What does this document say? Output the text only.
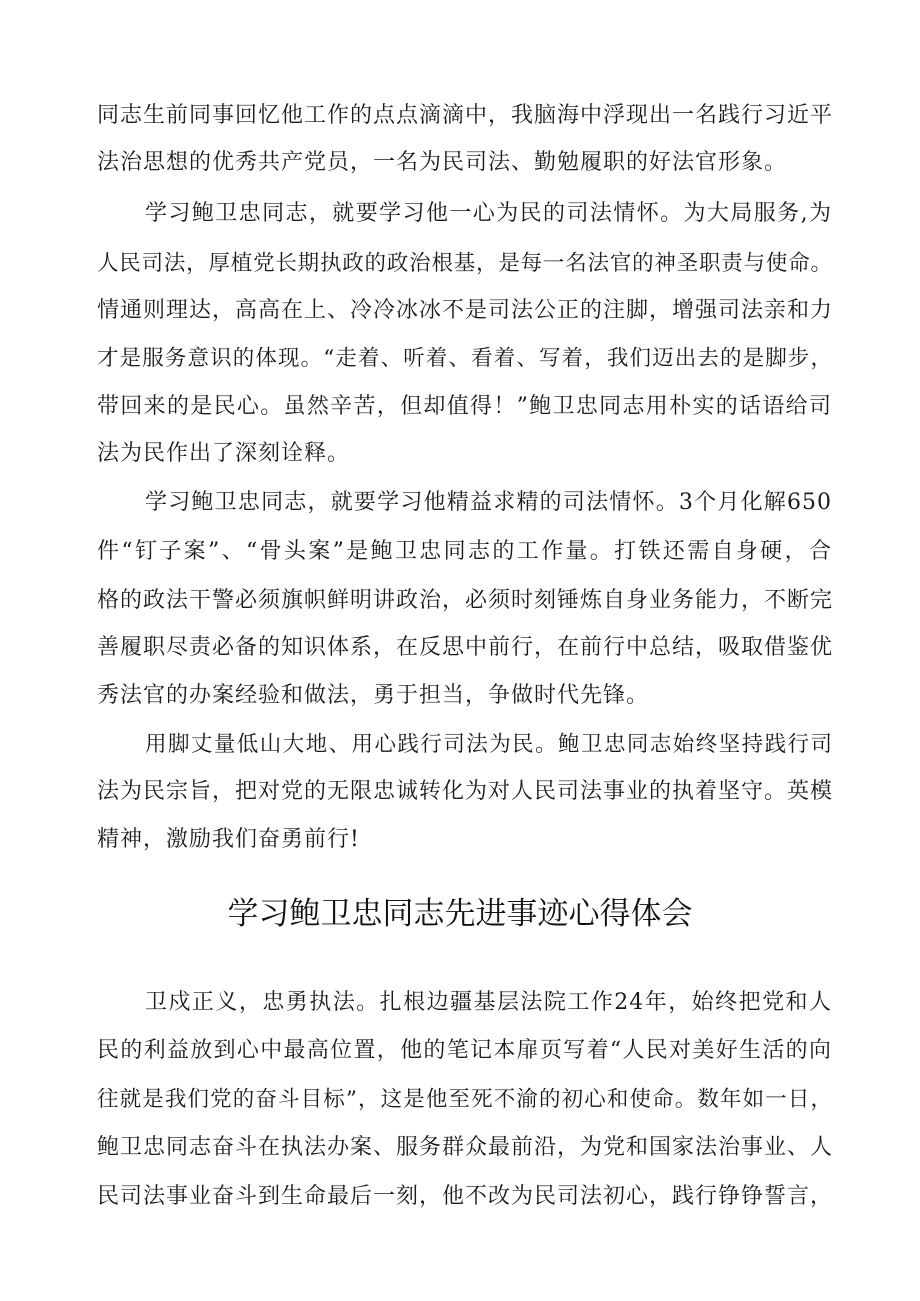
同志生前同事回忆他工作的点点滴滴中，我脑海中浮现出一名践行习近平
法治思想的优秀共产党员，一名为民司法、勤勉履职的好法官形象。
学习鲍卫忠同志，就要学习他一心为民的司法情怀。为大局服务,为
人民司法，厚植党长期执政的政治根基，是每一名法官的神圣职责与使命。
情通则理达，高高在上、冷冷冰冰不是司法公正的注脚，增强司法亲和力
才是服务意识的体现。“走着、听着、看着、写着，我们迈出去的是脚步，
带回来的是民心。虽然辛苦，但却值得！”鲍卫忠同志用朴实的话语给司
法为民作出了深刻诠释。
学习鲍卫忠同志，就要学习他精益求精的司法情怀。3个月化解650
件“钉子案”、“骨头案”是鲍卫忠同志的工作量。打铁还需自身硬，合
格的政法干警必须旗帜鲜明讲政治，必须时刻锤炼自身业务能力，不断完
善履职尽责必备的知识体系，在反思中前行，在前行中总结，吸取借鉴优
秀法官的办案经验和做法，勇于担当，争做时代先锋。
用脚丈量低山大地、用心践行司法为民。鲍卫忠同志始终坚持践行司
法为民宗旨，把对党的无限忠诚转化为对人民司法事业的执着坚守。英模
精神，激励我们奋勇前行!
学习鲍卫忠同志先进事迹心得体会
卫戍正义，忠勇执法。扎根边疆基层法院工作24年，始终把党和人
民的利益放到心中最高位置，他的笔记本扉页写着“人民对美好生活的向
往就是我们党的奋斗目标”，这是他至死不渝的初心和使命。数年如一日，
鲍卫忠同志奋斗在执法办案、服务群众最前沿，为党和国家法治事业、人
民司法事业奋斗到生命最后一刻，他不改为民司法初心，践行铮铮誓言，
